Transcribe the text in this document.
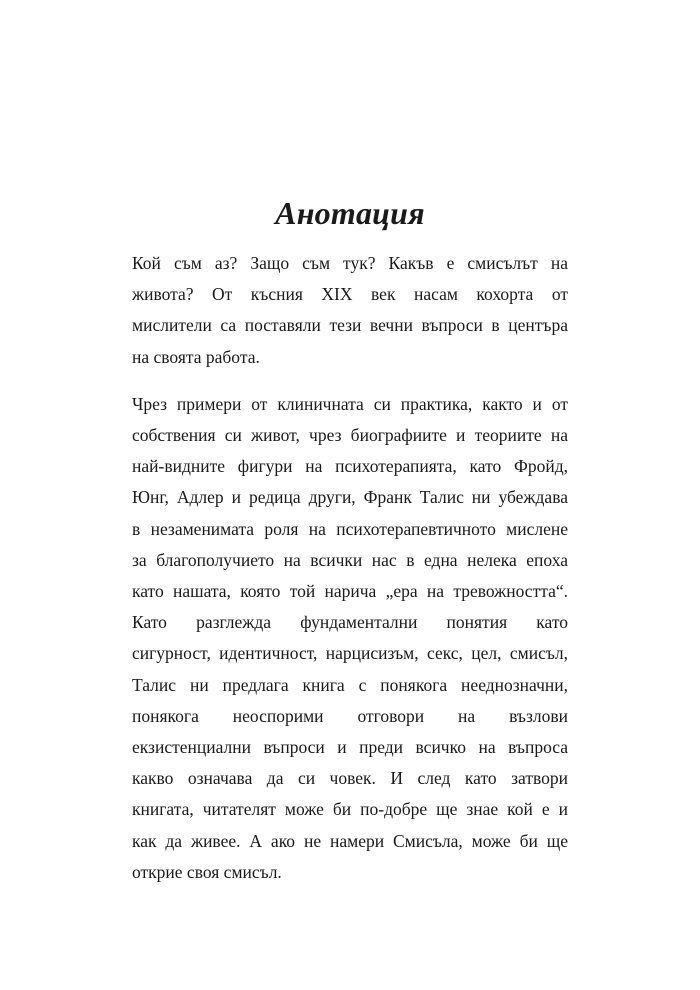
Анотация

Кой съм аз? Защо съм тук? Какъв е смисълът на
живота? От късния XIX век насам кохорта от
мислители са поставяли тези вечни въпроси в центъра
на своята работа.

Чрез примери от клиничната си практика, както и от
собствения си живот, чрез биографиите и теориите на
най-видните фигури на психотерапията, като Фройд,
Юнг, Адлер и редица други, Франк Талис ни убеждава
в незаменимата роля на психотерапевтичното мислене
за благополучието на всички нас в една нелека епоха
като нашата, която той нарича „ера на тревожността“.
Като разглежда фундаментални понятия като
сигурност, идентичност, нарцисизъм, секс, цел, смисъл,
Талис ни предлага книга с понякога нееднозначни,
понякога неоспорими отговори на възлови
екзистенциални въпроси и преди всичко на въпроса
какво означава да си човек. И след като затвори
книгата, читателят може би по-добре ще знае кой е и
как да живее. А ако не намери Смисъла, може би ще
открие своя смисъл.
